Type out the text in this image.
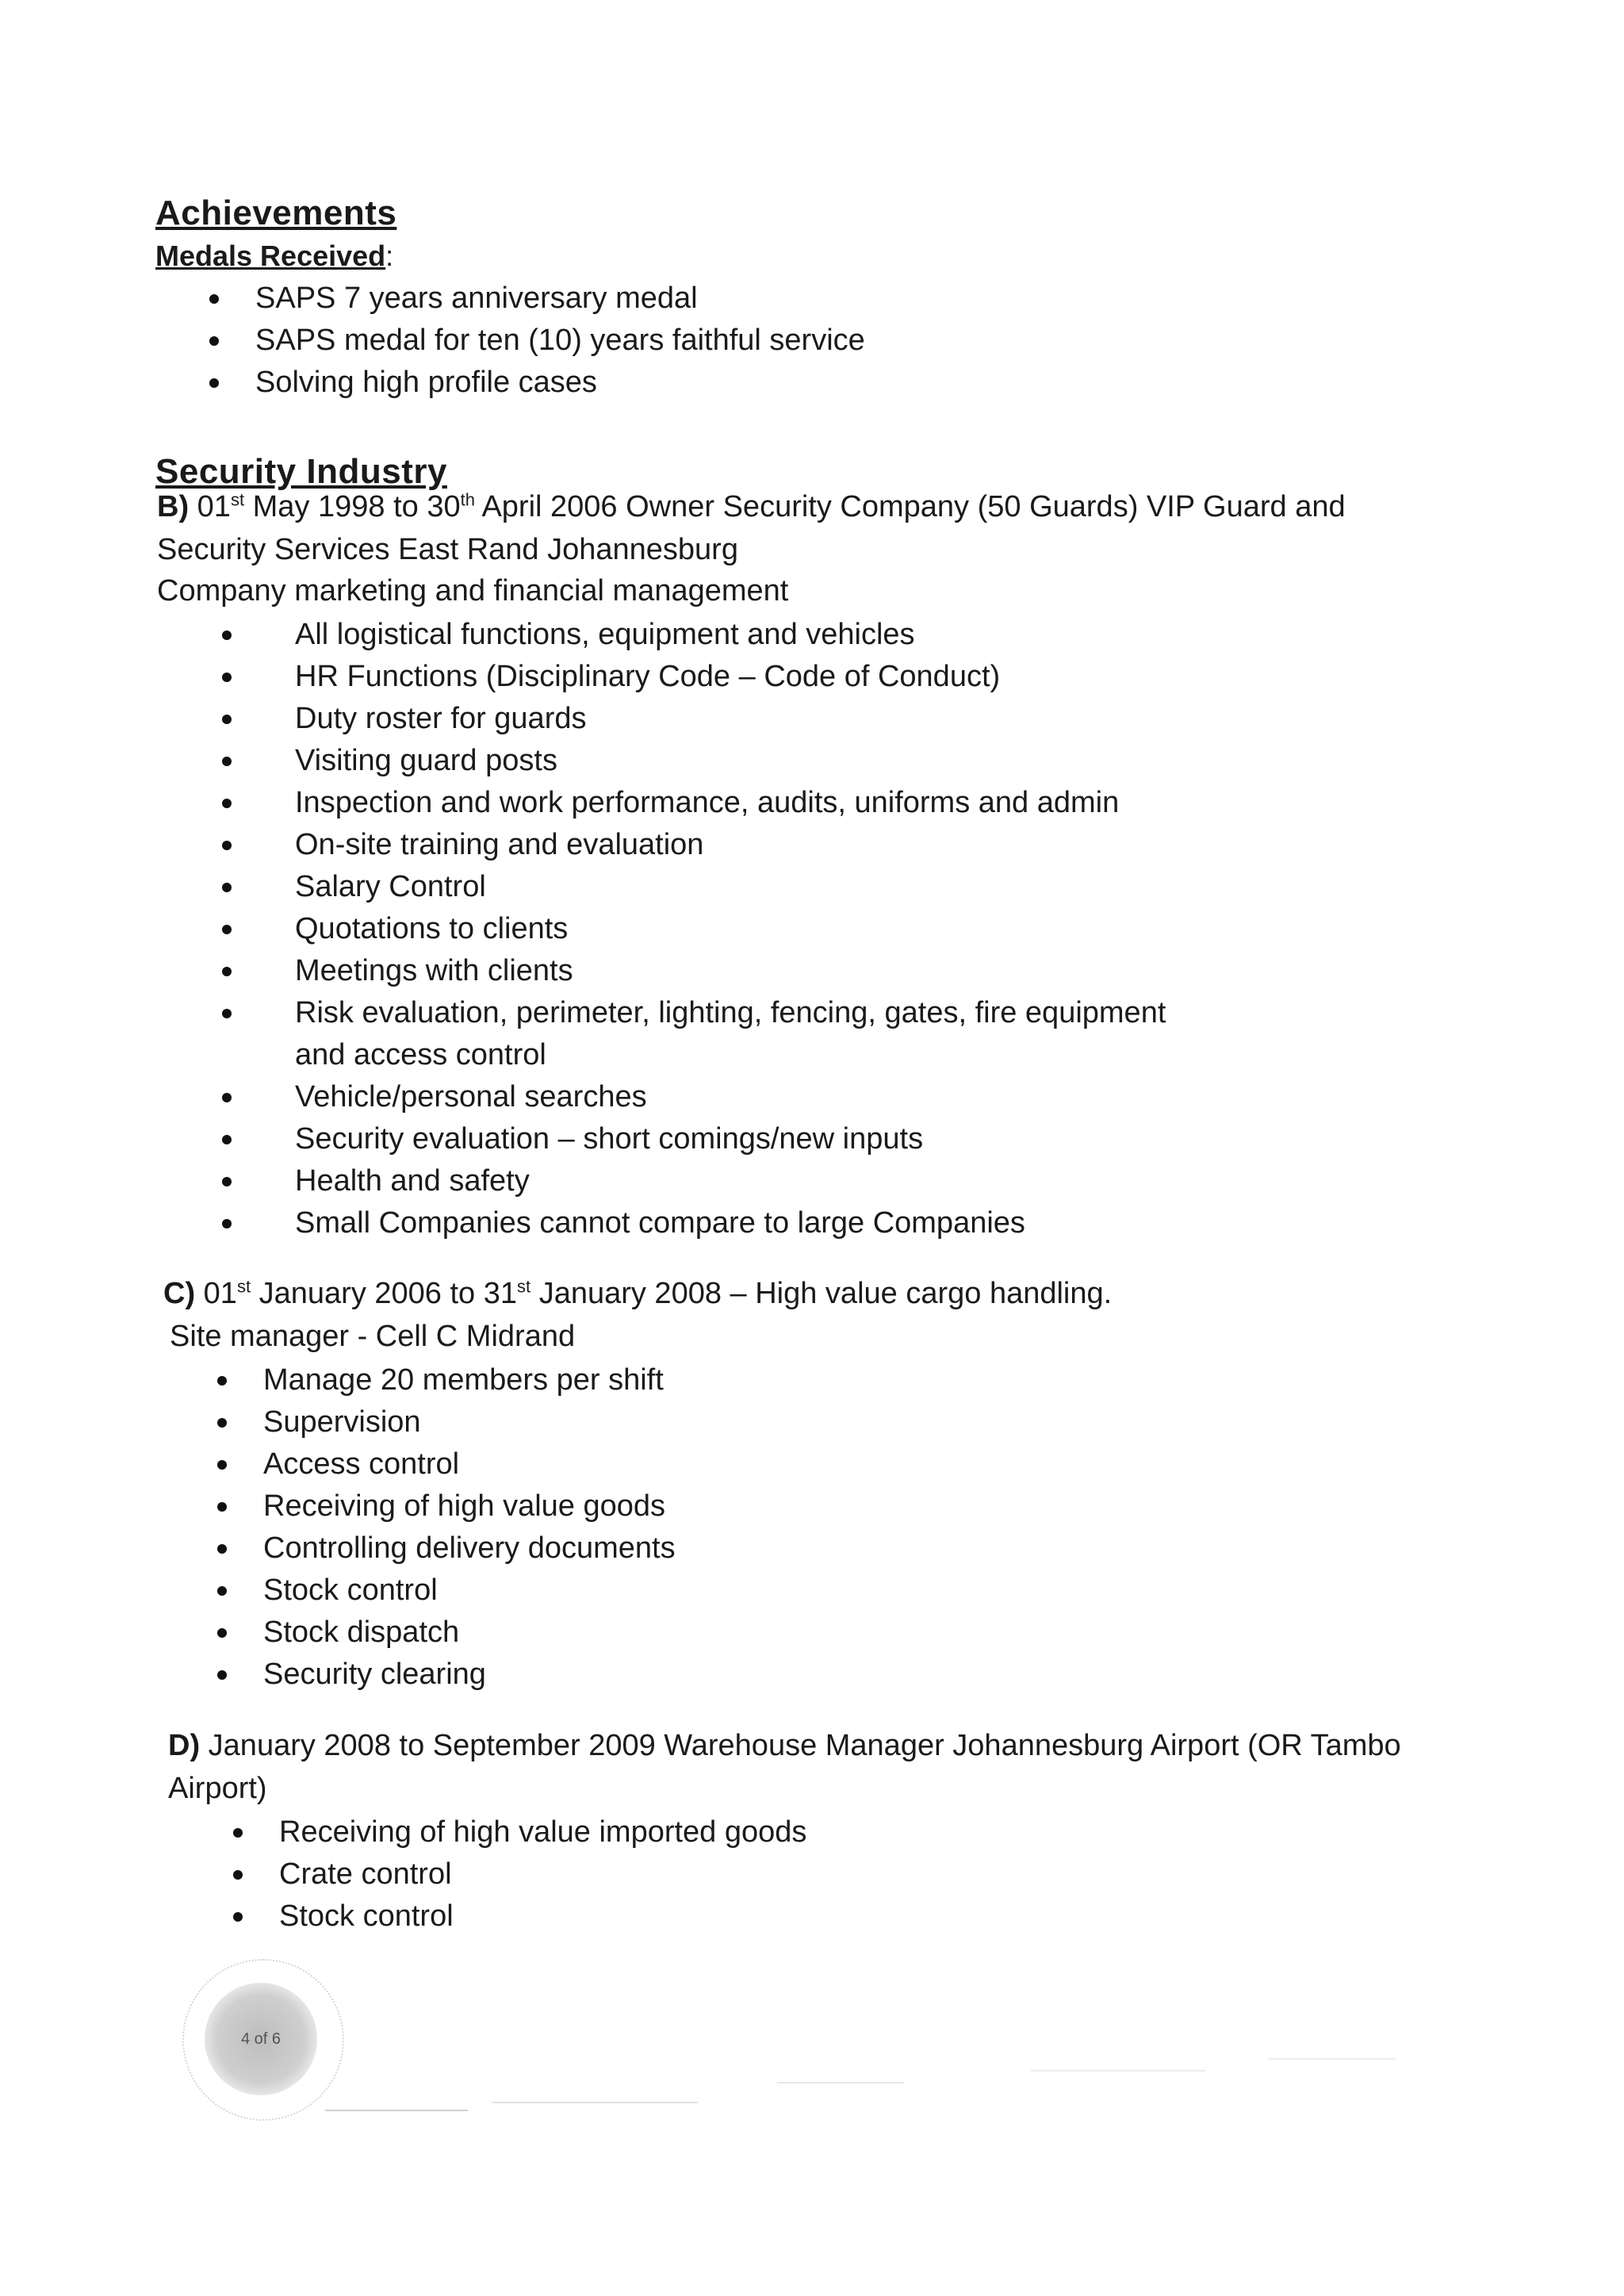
Achievements
Medals Received:
SAPS 7 years anniversary medal
SAPS medal for ten (10) years faithful service
Solving high profile cases
Security Industry
B) 01st May 1998 to 30th April 2006 Owner Security Company (50 Guards) VIP Guard and
Security Services East Rand Johannesburg
Company marketing and financial management
All logistical functions, equipment and vehicles
HR Functions (Disciplinary Code – Code of Conduct)
Duty roster for guards
Visiting guard posts
Inspection and work performance, audits, uniforms and admin
On-site training and evaluation
Salary Control
Quotations to clients
Meetings with clients
Risk evaluation, perimeter, lighting, fencing, gates, fire equipment
and access control
Vehicle/personal searches
Security evaluation – short comings/new inputs
Health and safety
Small Companies cannot compare to large Companies
C) 01st January 2006 to 31st January 2008 – High value cargo handling.
Site manager - Cell C Midrand
Manage 20 members per shift
Supervision
Access control
Receiving of high value goods
Controlling delivery documents
Stock control
Stock dispatch
Security clearing
D) January 2008 to September 2009 Warehouse Manager Johannesburg Airport (OR Tambo
Airport)
Receiving of high value imported goods
Crate control
Stock control
4 of 6
